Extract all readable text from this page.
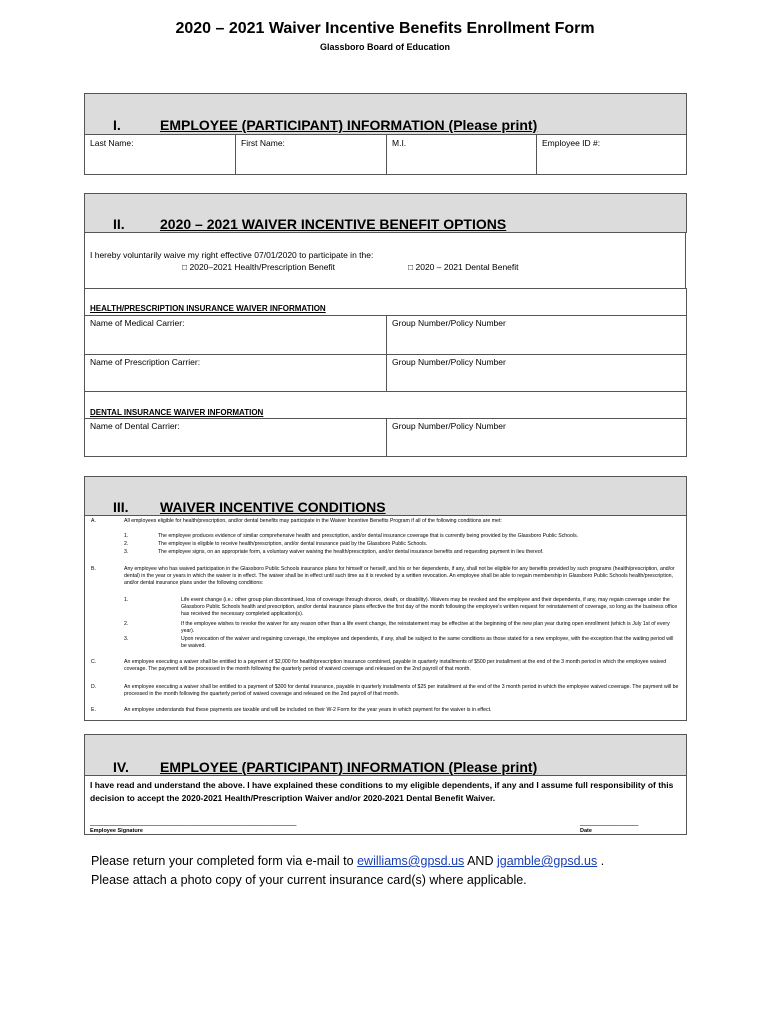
2020 – 2021 Waiver Incentive Benefits Enrollment Form
Glassboro Board of Education
I.	EMPLOYEE (PARTICIPANT) INFORMATION (Please print)
Last Name:	First Name:	M.I.	Employee ID #:
II.	2020 – 2021 WAIVER INCENTIVE BENEFIT OPTIONS
I hereby voluntarily waive my right effective 07/01/2020 to participate in the:
□ 2020–2021 Health/Prescription Benefit	□ 2020 – 2021 Dental Benefit
HEALTH/PRESCRIPTION INSURANCE WAIVER INFORMATION
Name of Medical Carrier:	Group Number/Policy Number
Name of Prescription Carrier:	Group Number/Policy Number
DENTAL INSURANCE WAIVER INFORMATION
Name of Dental Carrier:	Group Number/Policy Number
III. WAIVER INCENTIVE CONDITIONS
A.	All employees eligible for health/prescription, and/or dental benefits may participate in the Waiver Incentive Benefits Program if all of the following conditions are met:
1.	The employee produces evidence of similar comprehensive health and prescription, and/or dental insurance coverage that is currently being provided by the Glassboro Public Schools.
2.	The employee is eligible to receive health/prescription, and/or dental insurance paid by the Glassboro Public Schools.
3.	The employee signs, on an appropriate form, a voluntary waiver waiving the health/prescription, and/or dental insurance benefits and requesting payment in lieu thereof.
B.	Any employee who has waived participation in the Glassboro Public Schools insurance plans for himself or herself, and his or her dependents, if any, shall not be eligible for any benefits provided by such programs (health/prescription, and/or dental) in the year or years in which the waiver is in effect. The waiver shall be in effect until such time as it is revoked by a written revocation. An employee shall be able to regain membership in Glassboro Public Schools health/prescription, and/or dental insurance plans under the following conditions:
1.	Life event change (i.e.: other group plan discontinued, loss of coverage through divorce, death, or disability). Waivers may be revoked and the employee and their dependents, if any, may regain coverage under the Glassboro Public Schools health and prescription, and/or dental insurance plans effective the first day of the month following the employee's written request for reinstatement of coverage, so long as the business office has received the necessary completed application(s).
2.	If the employee wishes to revoke the waiver for any reason other than a life event change, the reinstatement may be effective at the beginning of the new plan year during open enrollment (which is July 1st of every year).
3.	Upon revocation of the waiver and regaining coverage, the employee and dependents, if any, shall be subject to the same conditions as those stated for a new employee, with the exception that the waiting period will be waived.
C.	An employee executing a waiver shall be entitled to a payment of $2,000 for health/prescription insurance combined, payable in quarterly installments of $500 per installment at the end of the 3 month period in which the employee waived coverage. The payment will be processed in the month following the quarterly period of waived coverage and released on the 2nd payroll of that month.
D.	An employee executing a waiver shall be entitled to a payment of $300 for dental insurance, payable in quarterly installments of $25 per installment at the end of the 3 month period in which the employee waived coverage. The payment will be processed in the month following the quarterly period of waived coverage and released on the 2nd payroll of that month.
E.	An employee understands that these payments are taxable and will be included on their W-2 Form for the year years in which payment for the waiver is in effect.
IV. EMPLOYEE (PARTICIPANT) INFORMATION (Please print)
I have read and understand the above. I have explained these conditions to my eligible dependents, if any and I assume full responsibility of this decision to accept the 2020-2021 Health/Prescription Waiver and/or 2020-2021 Dental Benefit Waiver.
_____________________________________________________
Employee Signature
_______________
Date
Please return your completed form via e-mail to ewilliams@gpsd.us AND jgamble@gpsd.us .
Please attach a photo copy of your current insurance card(s) where applicable.
